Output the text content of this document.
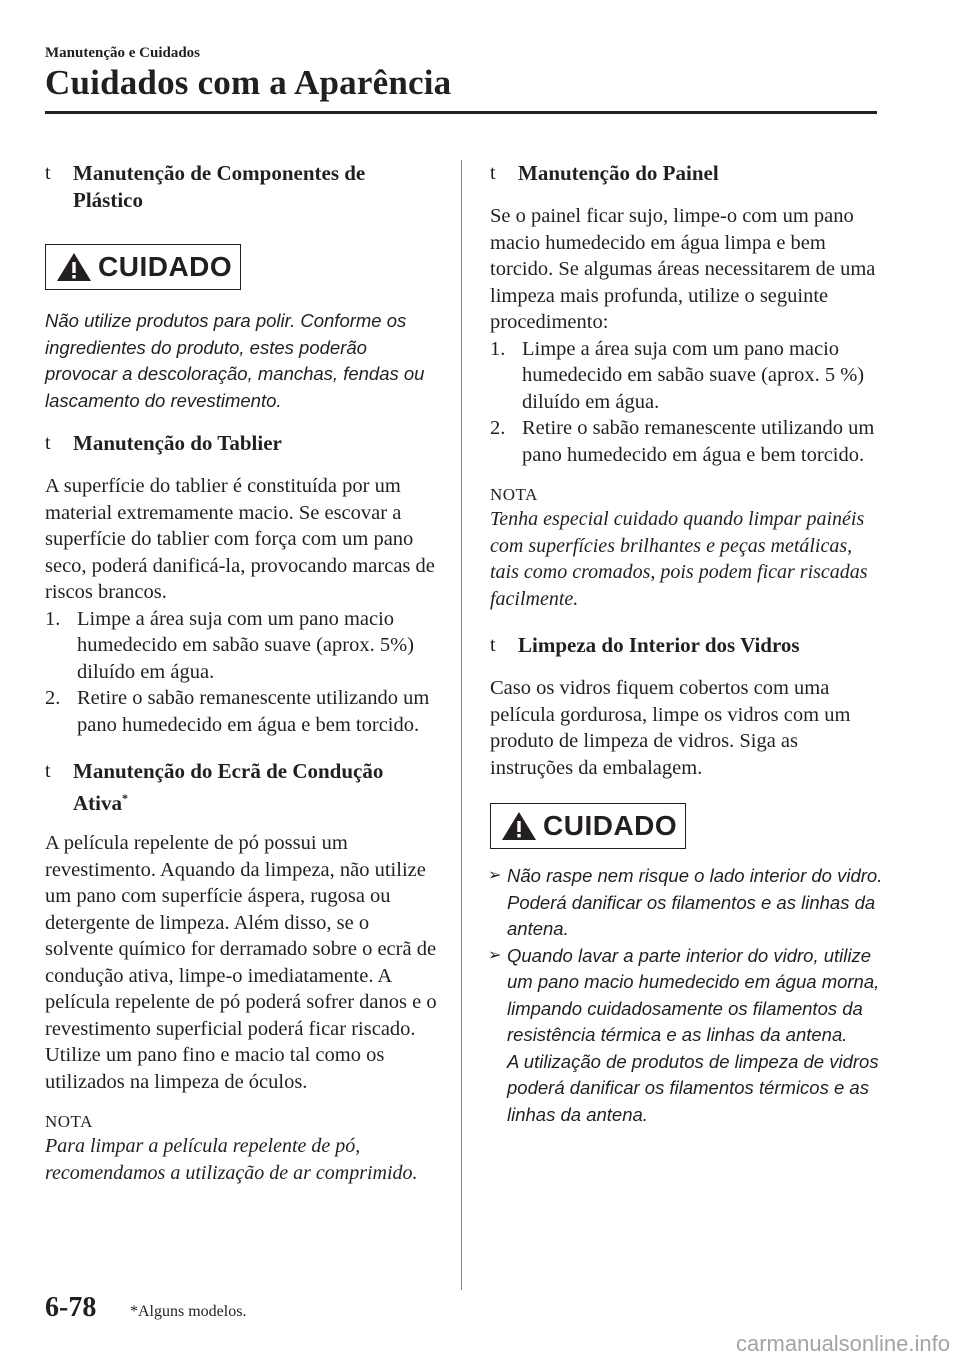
Manutenção e Cuidados
Cuidados com a Aparência
t Manutenção de Componentes de Plástico
CUIDADO
Não utilize produtos para polir. Conforme os ingredientes do produto, estes poderão provocar a descoloração, manchas, fendas ou lascamento do revestimento.
t Manutenção do Tablier
A superfície do tablier é constituída por um material extremamente macio. Se escovar a superfície do tablier com força com um pano seco, poderá danificá-la, provocando marcas de riscos brancos.
1. Limpe a área suja com um pano macio humedecido em sabão suave (aprox. 5%) diluído em água.
2. Retire o sabão remanescente utilizando um pano humedecido em água e bem torcido.
t Manutenção do Ecrã de Condução Ativa*
A película repelente de pó possui um revestimento. Aquando da limpeza, não utilize um pano com superfície áspera, rugosa ou detergente de limpeza. Além disso, se o solvente químico for derramado sobre o ecrã de condução ativa, limpe-o imediatamente. A película repelente de pó poderá sofrer danos e o revestimento superficial poderá ficar riscado. Utilize um pano fino e macio tal como os utilizados na limpeza de óculos.
NOTA
Para limpar a película repelente de pó, recomendamos a utilização de ar comprimido.
t Manutenção do Painel
Se o painel ficar sujo, limpe-o com um pano macio humedecido em água limpa e bem torcido. Se algumas áreas necessitarem de uma limpeza mais profunda, utilize o seguinte procedimento:
1. Limpe a área suja com um pano macio humedecido em sabão suave (aprox. 5 %) diluído em água.
2. Retire o sabão remanescente utilizando um pano humedecido em água e bem torcido.
NOTA
Tenha especial cuidado quando limpar painéis com superfícies brilhantes e peças metálicas, tais como cromados, pois podem ficar riscadas facilmente.
t Limpeza do Interior dos Vidros
Caso os vidros fiquem cobertos com uma película gordurosa, limpe os vidros com um produto de limpeza de vidros. Siga as instruções da embalagem.
CUIDADO
➢ Não raspe nem risque o lado interior do vidro. Poderá danificar os filamentos e as linhas da antena.
➢ Quando lavar a parte interior do vidro, utilize um pano macio humedecido em água morna, limpando cuidadosamente os filamentos da resistência térmica e as linhas da antena.
A utilização de produtos de limpeza de vidros poderá danificar os filamentos térmicos e as linhas da antena.
6-78 *Alguns modelos.
carmanualsonline.info
